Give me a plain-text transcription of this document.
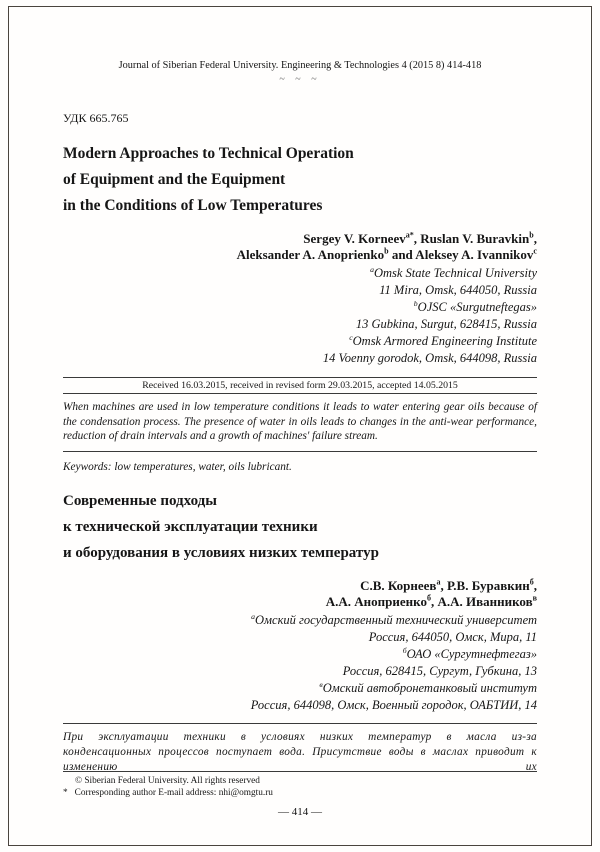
Journal of Siberian Federal University. Engineering & Technologies 4 (2015 8) 414-418
~ ~ ~
УДК 665.765
Modern Approaches to Technical Operation
of Equipment and the Equipment
in the Conditions of Low Temperatures
Sergey V. Korneev$^{a*}$, Ruslan V. Buravkin$^b$,
Aleksander A. Anoprienko$^b$ and Aleksey A. Ivannikov$^c$
$^a$Omsk State Technical University
11 Mira, Omsk, 644050, Russia
$^b$OJSC «Surgutneftegas»
13 Gubkina, Surgut, 628415, Russia
$^c$Omsk Armored Engineering Institute
14 Voenny gorodok, Omsk, 644098, Russia
Received 16.03.2015, received in revised form 29.03.2015, accepted 14.05.2015

When machines are used in low temperature conditions it leads to water entering gear oils because of the condensation process. The presence of water in oils leads to changes in the anti-wear performance, reduction of drain intervals and a growth of machines' failure stream.

Keywords: low temperatures, water, oils lubricant.

Современные подходы
к технической эксплуатации техники
и оборудования в условиях низких температур
С.В. Корнеев$^а$, Р.В. Буравкин$^б$,
А.А. Аноприенко$^б$, А.А. Иванников$^в$
$^а$Омский государственный технический университет
Россия, 644050, Омск, Мира, 11
$^б$ОАО «Сургутнефтегаз»
Россия, 628415, Сургут, Губкина, 13
$^в$Омский автобронетанковый институт
Россия, 644098, Омск, Военный городок, ОАБТИИ, 14

При эксплуатации техники в условиях низких температур в масла из-за конденсационных процессов поступает вода. Присутствие воды в маслах приводит к изменению их

© Siberian Federal University. All rights reserved
*   Corresponding author E-mail address: nhi@omgtu.ru
— 414 —
